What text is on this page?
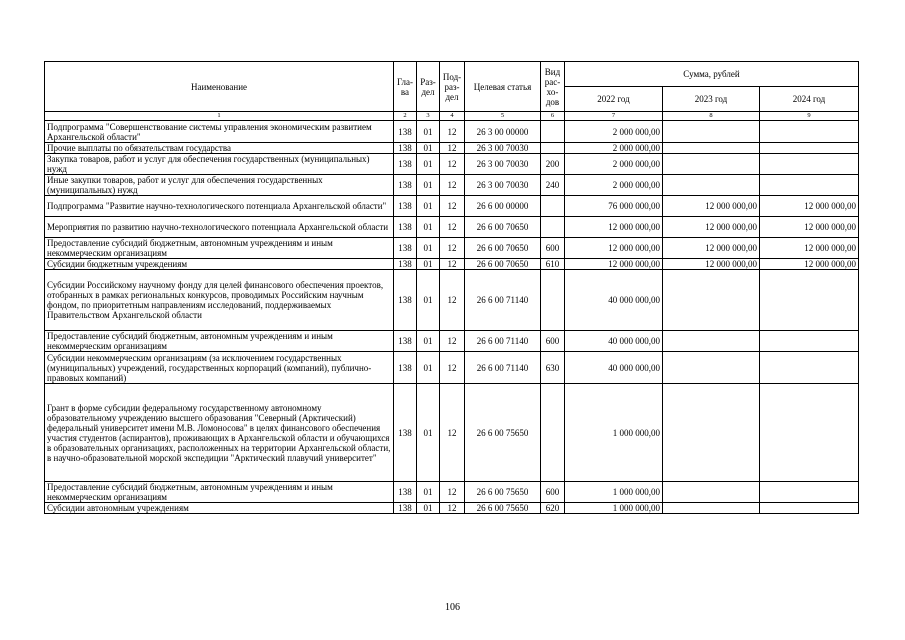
Наименование	Гла-ва	Раз-дел	Под-раз-дел	Целевая статья	Вид рас-хо-дов	Сумма, рублей		
						2022 год	2023 год	2024 год
1	2	3	4	5	6	7	8	9
Подпрограмма "Совершенствование системы управления экономическим развитием Архангельской области"	138	01	12	26 3 00 00000		2 000 000,00		
Прочие выплаты по обязательствам государства	138	01	12	26 3 00 70030		2 000 000,00		
Закупка товаров, работ и услуг для обеспечения государственных (муниципальных) нужд	138	01	12	26 3 00 70030	200	2 000 000,00		
Иные закупки товаров, работ и услуг для обеспечения государственных (муниципальных) нужд	138	01	12	26 3 00 70030	240	2 000 000,00		
Подпрограмма "Развитие научно-технологического потенциала Архангельской области"	138	01	12	26 6 00 00000		76 000 000,00	12 000 000,00	12 000 000,00
Мероприятия по развитию научно-технологического потенциала Архангельской области	138	01	12	26 6 00 70650		12 000 000,00	12 000 000,00	12 000 000,00
Предоставление субсидий бюджетным, автономным учреждениям и иным некоммерческим организациям	138	01	12	26 6 00 70650	600	12 000 000,00	12 000 000,00	12 000 000,00
Субсидии бюджетным учреждениям	138	01	12	26 6 00 70650	610	12 000 000,00	12 000 000,00	12 000 000,00
Субсидии Российскому научному фонду для целей финансового обеспечения проектов, отобранных в рамках региональных конкурсов, проводимых Российским научным фондом, по приоритетным направлениям исследований, поддерживаемых Правительством Архангельской области	138	01	12	26 6 00 71140		40 000 000,00		
Предоставление субсидий бюджетным, автономным учреждениям и иным некоммерческим организациям	138	01	12	26 6 00 71140	600	40 000 000,00		
Субсидии некоммерческим организациям (за исключением государственных (муниципальных) учреждений, государственных корпораций (компаний), публично-правовых компаний)	138	01	12	26 6 00 71140	630	40 000 000,00		
Грант в форме субсидии федеральному государственному автономному образовательному учреждению высшего образования "Северный (Арктический) федеральный университет имени М.В. Ломоносова" в целях финансового обеспечения участия студентов (аспирантов), проживающих в Архангельской области и обучающихся в образовательных организациях, расположенных на территории Архангельской области, в научно-образовательной морской экспедиции "Арктический плавучий университет"	138	01	12	26 6 00 75650		1 000 000,00		
Предоставление субсидий бюджетным, автономным учреждениям и иным некоммерческим организациям	138	01	12	26 6 00 75650	600	1 000 000,00		
Субсидии автономным учреждениям	138	01	12	26 6 00 75650	620	1 000 000,00		
106
